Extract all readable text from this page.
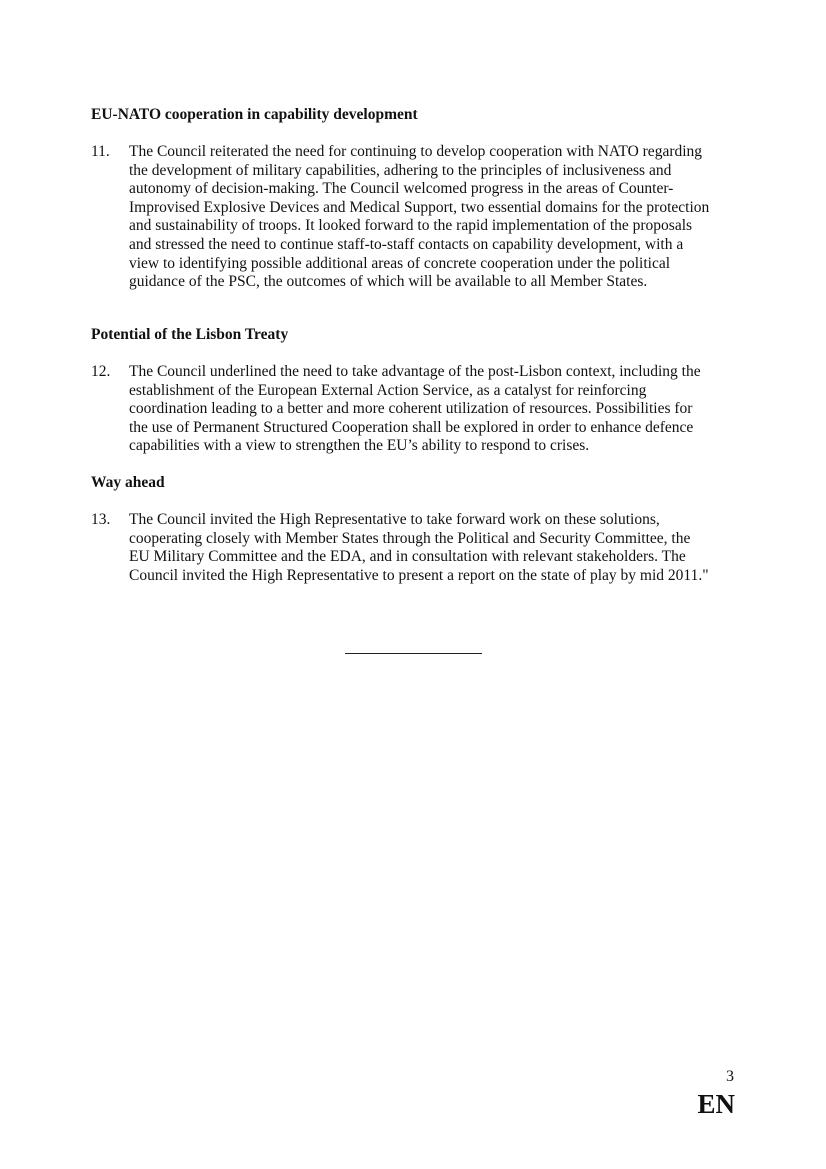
EU-NATO cooperation in capability development
11. The Council reiterated the need for continuing to develop cooperation with NATO regarding
the development of military capabilities, adhering to the principles of inclusiveness and
autonomy of decision-making. The Council welcomed progress in the areas of Counter-
Improvised Explosive Devices and Medical Support, two essential domains for the protection
and sustainability of troops. It looked forward to the rapid implementation of the proposals
and stressed the need to continue staff-to-staff contacts on capability development, with a
view to identifying possible additional areas of concrete cooperation under the political
guidance of the PSC, the outcomes of which will be available to all Member States.
Potential of the Lisbon Treaty
12. The Council underlined the need to take advantage of the post-Lisbon context, including the
establishment of the European External Action Service, as a catalyst for reinforcing
coordination leading to a better and more coherent utilization of resources. Possibilities for
the use of Permanent Structured Cooperation shall be explored in order to enhance defence
capabilities with a view to strengthen the EU’s ability to respond to crises.
Way ahead
13. The Council invited the High Representative to take forward work on these solutions,
cooperating closely with Member States through the Political and Security Committee, the
EU Military Committee and the EDA, and in consultation with relevant stakeholders. The
Council invited the High Representative to present a report on the state of play by mid 2011."
3
EN
